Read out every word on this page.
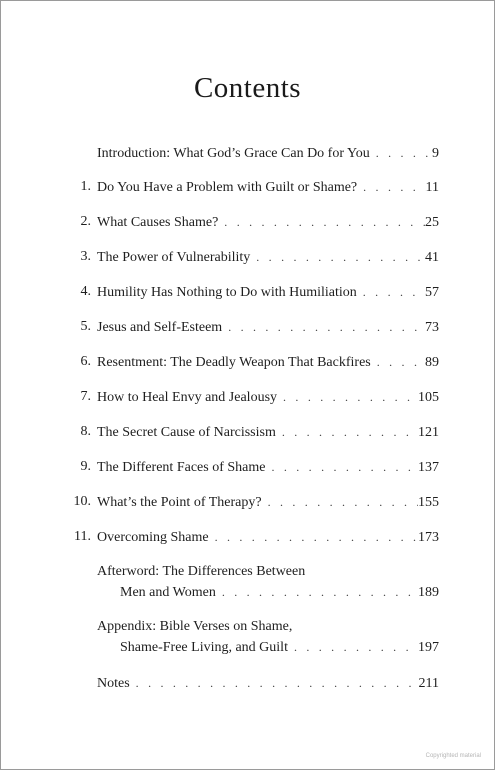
Contents
Introduction: What God’s Grace Can Do for You . . .	9
1. Do You Have a Problem with Guilt or Shame? . . .	11
2. What Causes Shame? . . .	25
3. The Power of Vulnerability . . .	41
4. Humility Has Nothing to Do with Humiliation . . .	57
5. Jesus and Self-Esteem . . .	73
6. Resentment: The Deadly Weapon That Backfires . . .	89
7. How to Heal Envy and Jealousy . . .	105
8. The Secret Cause of Narcissism . . .	121
9. The Different Faces of Shame . . .	137
10. What’s the Point of Therapy? . . .	155
11. Overcoming Shame . . .	173
Afterword: The Differences Between
Men and Women . . .	189
Appendix: Bible Verses on Shame,
Shame-Free Living, and Guilt . . .	197
Notes . . .	211
Copyrighted material
